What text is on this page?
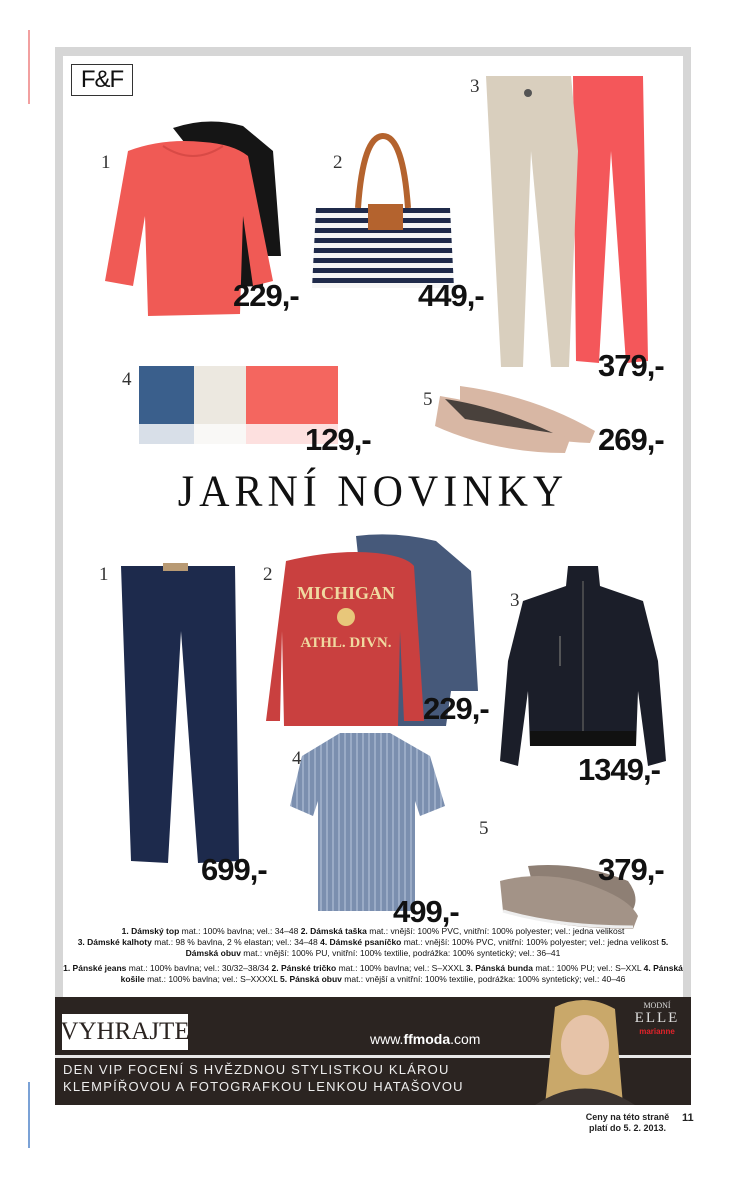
F&F
1
229,-
2
449,-
3
379,-
4
129,-
5
269,-
JARNÍ NOVINKY
1
699,-
2
MICHIGAN
ATHL. DIVN.
229,-
3
1349,-
4
499,-
5
379,-
1. Dámský top mat.: 100% bavlna; vel.: 34–48 2. Dámská taška mat.: vnější: 100% PVC, vnitřní: 100% polyester; vel.: jedna velikost
3. Dámské kalhoty mat.: 98 % bavlna, 2 % elastan; vel.: 34–48 4. Dámské psaníčko mat.: vnější: 100% PVC, vnitřní: 100% polyester; vel.: jedna velikost 5. Dámská obuv mat.: vnější: 100% PU, vnitřní: 100% textilie, podrážka: 100% syntetický; vel.: 36–41
1. Pánské jeans mat.: 100% bavlna; vel.: 30/32–38/34 2. Pánské tričko mat.: 100% bavlna; vel.: S–XXXL 3. Pánská bunda mat.: 100% PU; vel.: S–XXL 4. Pánská košile mat.: 100% bavlna; vel.: S–XXXXL 5. Pánská obuv mat.: vnější a vnitřní: 100% textilie, podrážka: 100% syntetický; vel.: 40–46
VYHRAJTE	www.ffmoda.com
DEN VIP FOCENÍ S HVĚZDNOU STYLISTKOU KLÁROU
KLEMPÍŘOVOU A FOTOGRAFKOU LENKOU HATAŠOVOU
MODNÍ
ELLE
marianne
Ceny na této straně
platí do 5. 2. 2013.
11
